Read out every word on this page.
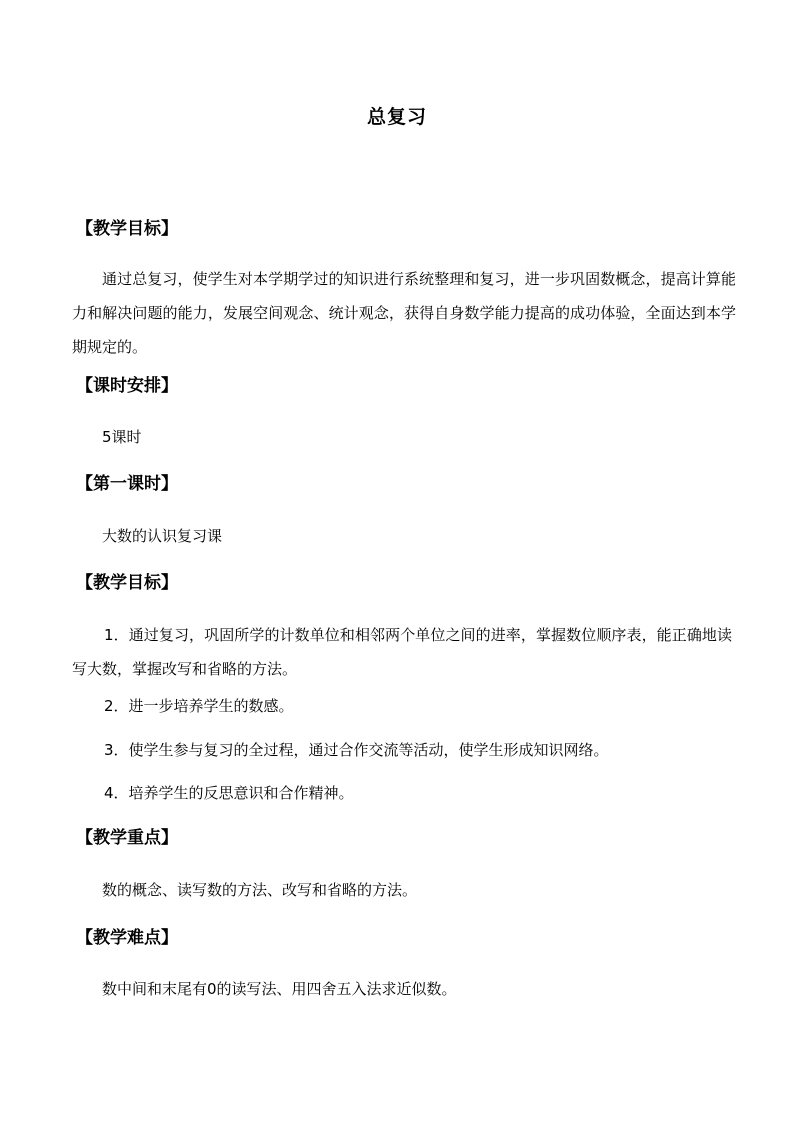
总复习
【教学目标】
通过总复习，使学生对本学期学过的知识进行系统整理和复习，进一步巩固数概念，提高计算能力和解决问题的能力，发展空间观念、统计观念，获得自身数学能力提高的成功体验，全面达到本学期规定的。
【课时安排】
5课时
【第一课时】
大数的认识复习课
【教学目标】
1．通过复习，巩固所学的计数单位和相邻两个单位之间的进率，掌握数位顺序表，能正确地读写大数，掌握改写和省略的方法。
2．进一步培养学生的数感。
3．使学生参与复习的全过程，通过合作交流等活动，使学生形成知识网络。
4．培养学生的反思意识和合作精神。
【教学重点】
数的概念、读写数的方法、改写和省略的方法。
【教学难点】
数中间和末尾有0的读写法、用四舍五入法求近似数。
